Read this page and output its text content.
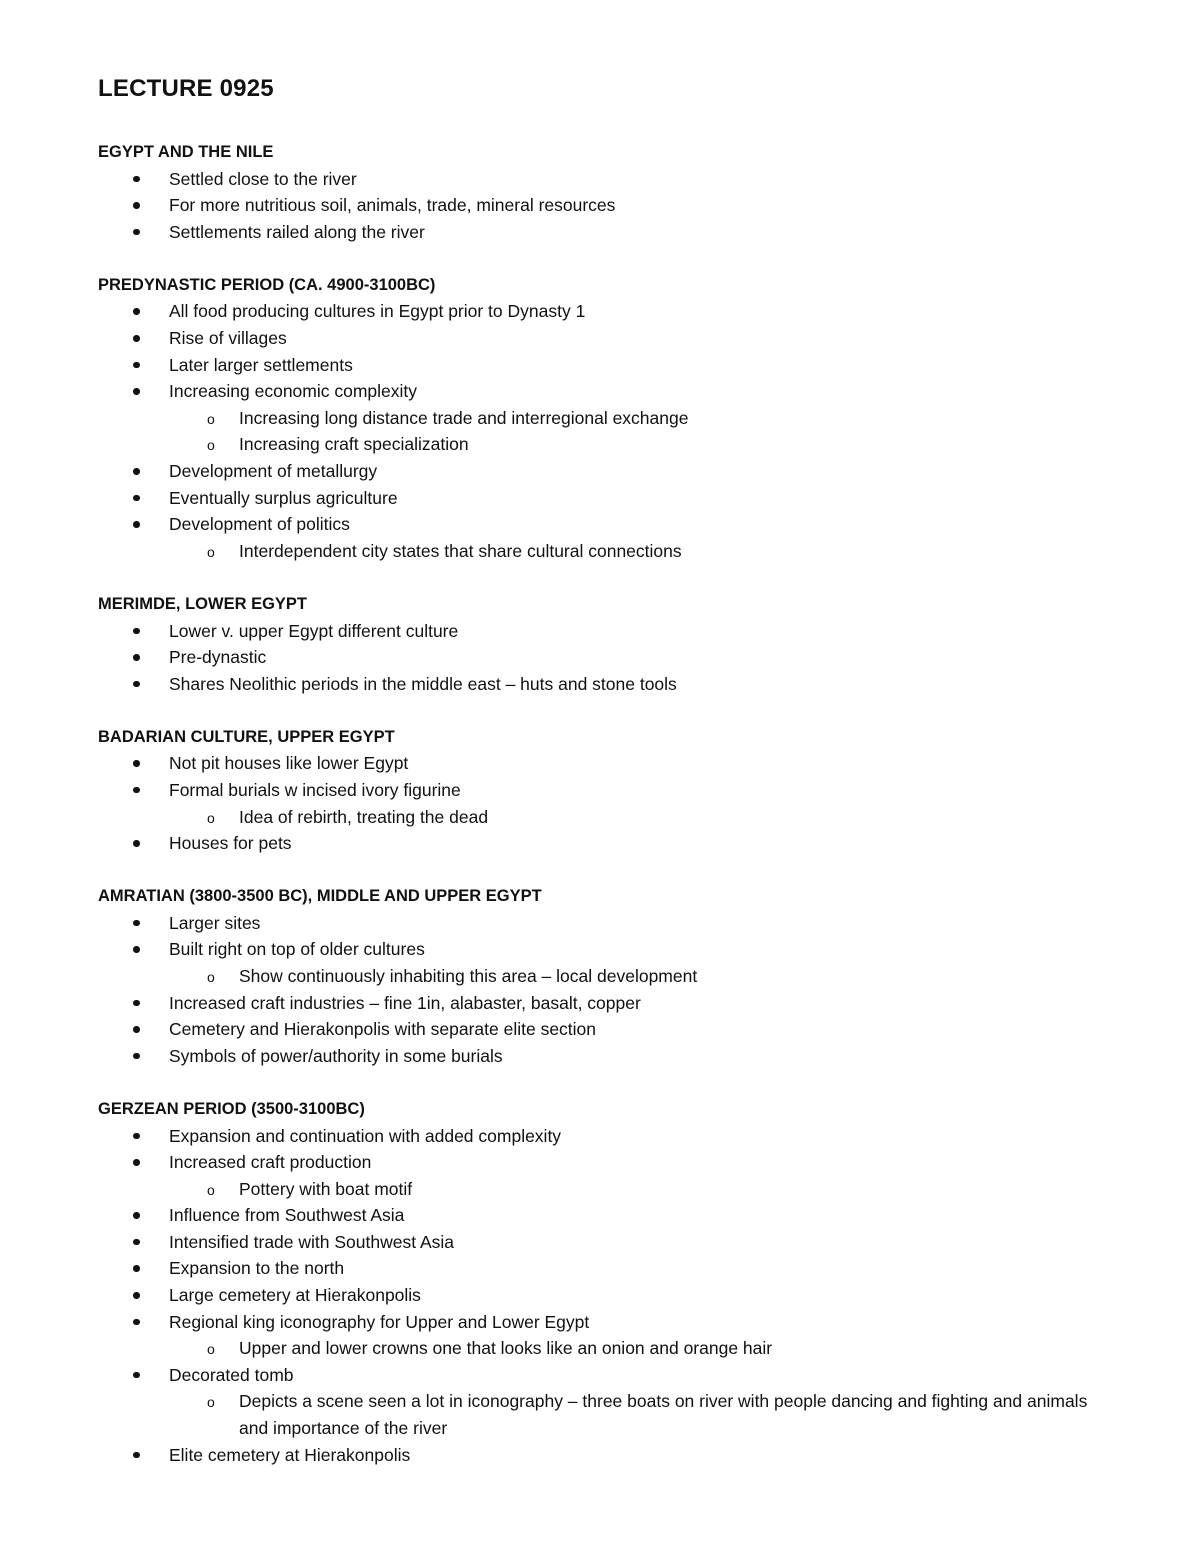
LECTURE 0925
EGYPT AND THE NILE
Settled close to the river
For more nutritious soil, animals, trade, mineral resources
Settlements railed along the river
PREDYNASTIC PERIOD (CA. 4900-3100BC)
All food producing cultures in Egypt prior to Dynasty 1
Rise of villages
Later larger settlements
Increasing economic complexity
o Increasing long distance trade and interregional exchange
o Increasing craft specialization
Development of metallurgy
Eventually surplus agriculture
Development of politics
o Interdependent city states that share cultural connections
MERIMDE, LOWER EGYPT
Lower v. upper Egypt different culture
Pre-dynastic
Shares Neolithic periods in the middle east – huts and stone tools
BADARIAN CULTURE, UPPER EGYPT
Not pit houses like lower Egypt
Formal burials w incised ivory figurine
o Idea of rebirth, treating the dead
Houses for pets
AMRATIAN (3800-3500 BC), MIDDLE AND UPPER EGYPT
Larger sites
Built right on top of older cultures
o Show continuously inhabiting this area – local development
Increased craft industries – fine 1in, alabaster, basalt, copper
Cemetery and Hierakonpolis with separate elite section
Symbols of power/authority in some burials
GERZEAN PERIOD (3500-3100BC)
Expansion and continuation with added complexity
Increased craft production
o Pottery with boat motif
Influence from Southwest Asia
Intensified trade with Southwest Asia
Expansion to the north
Large cemetery at Hierakonpolis
Regional king iconography for Upper and Lower Egypt
o Upper and lower crowns one that looks like an onion and orange hair
Decorated tomb
o Depicts a scene seen a lot in iconography – three boats on river with people dancing and fighting and animals and importance of the river
Elite cemetery at Hierakonpolis
